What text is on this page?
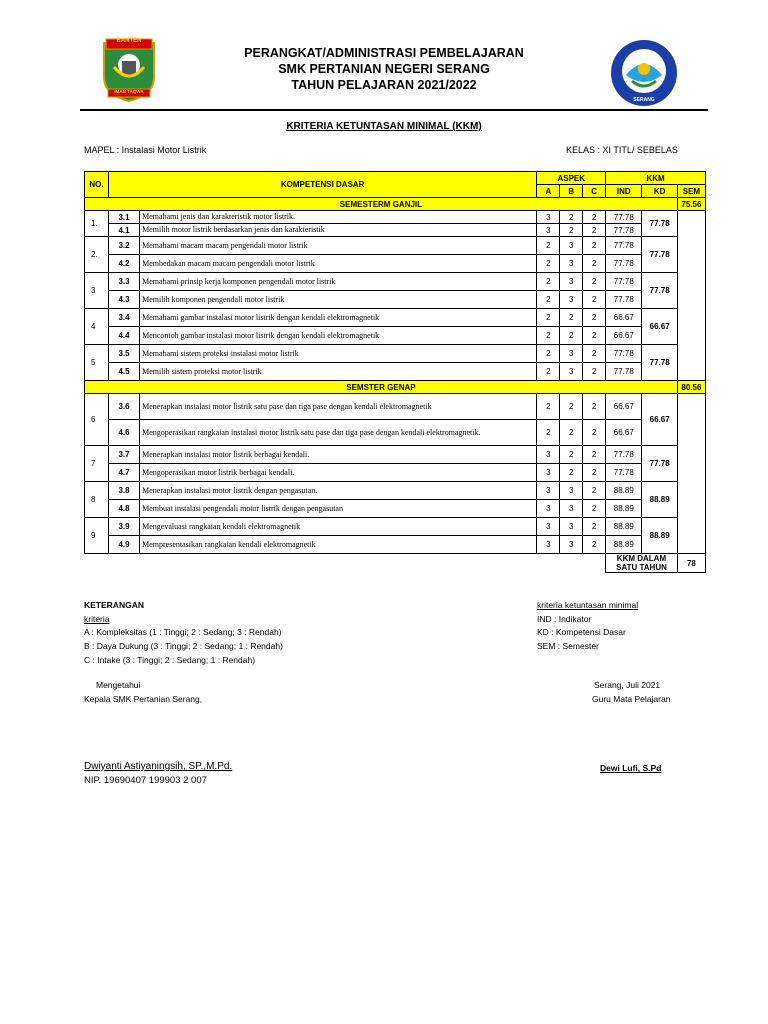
BANTEN
IMAN TAQWA
PERANGKAT/ADMINISTRASI PEMBELAJARAN
SMK PERTANIAN NEGERI SERANG
TAHUN PELAJARAN 2021/2022
SERANG
KRITERIA KETUNTASAN MINIMAL (KKM)
MAPEL : Instalasi Motor Listrik	KELAS : XI TITL/ SEBELAS
NO.	KOMPETENSI DASAR		ASPEK			KKM		
			A	B	C	IND	KD	SEM
SEMESTERM GANJIL								75.56
1.	3.1	Memahami jenis dan karakteristik motor listrik.	3	2	2	77.78	77.78	
	4.1	Memilih motor listrik berdasarkan jenis dan karakteristik	3	2	2	77.78		
2.	3.2	Memahami macam macam pengendali motor listrik	2	3	2	77.78	77.78	
	4.2	Membedakan macam macam pengendali motor listrik	2	3	2	77.78		
3	3.3	Memahami prinsip kerja komponen pengendali motor listrik	2	3	2	77.78	77.78	
	4.3	Memilih komponen pengendali motor listrik	2	3	2	77.78		
4	3.4	Memahami gambar instalasi motor listrik dengan kendali elektromagnetik	2	2	2	66.67	66.67	
	4.4	Mencontoh gambar instalasi motor listrik dengan kendali elektromagnetik	2	2	2	66.67		
5	3.5	Memahami sistem proteksi instalasi motor listrik	2	3	2	77.78	77.78	
	4.5	Memilih sistem proteksi motor listrik	2	3	2	77.78		
SEMSTER GENAP								80.56
6	3.6	Menerapkan instalasi motor listrik satu pase dan tiga pase dengan kendali elektromagnetik	2	2	2	66.67	66.67	
	4.6	Mengoperasikan rangkaian instalasi motor listrik satu pase dan tiga pase dengan kendali elektromagnetik.	2	2	2	66.67		
7	3.7	Menerapkan instalasi motor listrik berbagai kendali.	3	2	2	77.78	77.78	
	4.7	Mengoperasikan motor listrik berbagai kendali.	3	2	2	77.78		
8	3.8	Menerapkan instalasi motor listrik dengan pengasutan.	3	3	2	88.89	88.89	
	4.8	Membuat instalasi pengendali motor listrik dengan pengasutan	3	3	2	88.89		
9	3.9	Mengevaluasi rangkaian kendali elektromagnetik	3	3	2	88.89	88.89	
	4.9	Mempresentasikan rangkaian kendali elektromagnetik	3	3	2	88.89		
						KKM DALAM SATU TAHUN		78
KETERANGAN
kriteria
A : Kompleksitas (1 : Tinggi; 2 : Sedang; 3 : Rendah)
B : Daya Dukung (3 : Tinggi; 2 : Sedang; 1 : Rendah)
C : Intake (3 : Tinggi; 2 : Sedang; 1 : Rendah)
kriteria ketuntasan minimal
IND : Indikator
KD : Kompetensi Dasar
SEM : Semester
Mengetahui
Kepala SMK Pertanian Serang,
Dwiyanti Astiyaningsih, SP.,M.Pd.
NIP. 19690407 199903 2 007
Serang, Juli 2021
Guru Mata Pelajaran
Dewi Lufi, S.Pd
